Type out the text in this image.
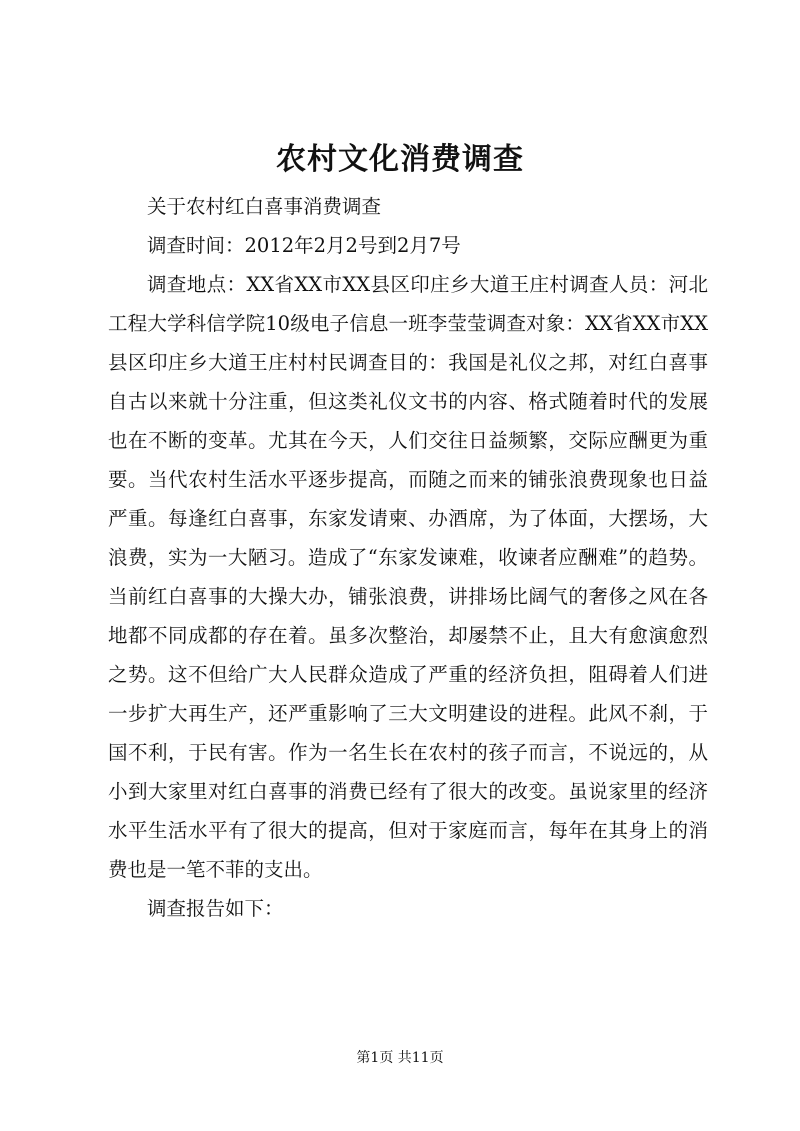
农村文化消费调查

关于农村红白喜事消费调查

调查时间：2012年2月2号到2月7号

调查地点：XX省XX市XX县区印庄乡大道王庄村调查人员：河北工程大学科信学院10级电子信息一班李莹莹调查对象：XX省XX市XX县区印庄乡大道王庄村村民调查目的：我国是礼仪之邦，对红白喜事自古以来就十分注重，但这类礼仪文书的内容、格式随着时代的发展也在不断的变革。尤其在今天，人们交往日益频繁，交际应酬更为重要。当代农村生活水平逐步提高，而随之而来的铺张浪费现象也日益严重。每逢红白喜事，东家发请柬、办酒席，为了体面，大摆场，大浪费，实为一大陋习。造成了“东家发谏难，收谏者应酬难”的趋势。当前红白喜事的大操大办，铺张浪费，讲排场比阔气的奢侈之风在各地都不同成都的存在着。虽多次整治，却屡禁不止，且大有愈演愈烈之势。这不但给广大人民群众造成了严重的经济负担，阻碍着人们进一步扩大再生产，还严重影响了三大文明建设的进程。此风不刹，于国不利，于民有害。作为一名生长在农村的孩子而言，不说远的，从小到大家里对红白喜事的消费已经有了很大的改变。虽说家里的经济水平生活水平有了很大的提高，但对于家庭而言，每年在其身上的消费也是一笔不菲的支出。

调查报告如下：

第1页 共11页
